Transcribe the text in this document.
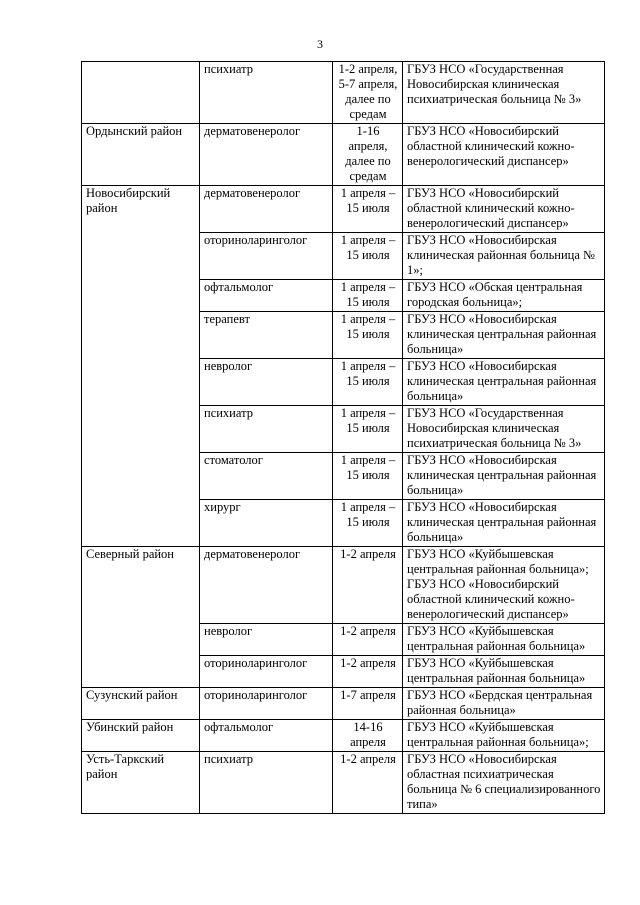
3
	психиатр	1-2 апреля, 5-7 апреля, далее по средам	ГБУЗ НСО «Государственная Новосибирская клиническая психиатрическая больница № 3»
Ордынский район	дерматовенеролог	1-16 апреля, далее по средам	ГБУЗ НСО «Новосибирский областной клинический кожно-венерологический диспансер»
Новосибирский район	дерматовенеролог	1 апреля – 15 июля	ГБУЗ НСО «Новосибирский областной клинический кожно-венерологический диспансер»
	оториноларинголог	1 апреля – 15 июля	ГБУЗ НСО «Новосибирская клиническая районная больница № 1»;
	офтальмолог	1 апреля – 15 июля	ГБУЗ НСО «Обская центральная городская больница»;
	терапевт	1 апреля – 15 июля	ГБУЗ НСО «Новосибирская клиническая центральная районная больница»
	невролог	1 апреля – 15 июля	ГБУЗ НСО «Новосибирская клиническая центральная районная больница»
	психиатр	1 апреля – 15 июля	ГБУЗ НСО «Государственная Новосибирская клиническая психиатрическая больница № 3»
	стоматолог	1 апреля – 15 июля	ГБУЗ НСО «Новосибирская клиническая центральная районная больница»
	хирург	1 апреля – 15 июля	ГБУЗ НСО «Новосибирская клиническая центральная районная больница»
Северный район	дерматовенеролог	1-2 апреля	ГБУЗ НСО «Куйбышевская центральная районная больница»; ГБУЗ НСО «Новосибирский областной клинический кожно-венерологический диспансер»
	невролог	1-2 апреля	ГБУЗ НСО «Куйбышевская центральная районная больница»
	оториноларинголог	1-2 апреля	ГБУЗ НСО «Куйбышевская центральная районная больница»
Сузунский район	оториноларинголог	1-7 апреля	ГБУЗ НСО «Бердская центральная районная больница»
Убинский район	офтальмолог	14-16 апреля	ГБУЗ НСО «Куйбышевская центральная районная больница»;
Усть-Таркский район	психиатр	1-2 апреля	ГБУЗ НСО «Новосибирская областная психиатрическая больница № 6 специализированного типа»
